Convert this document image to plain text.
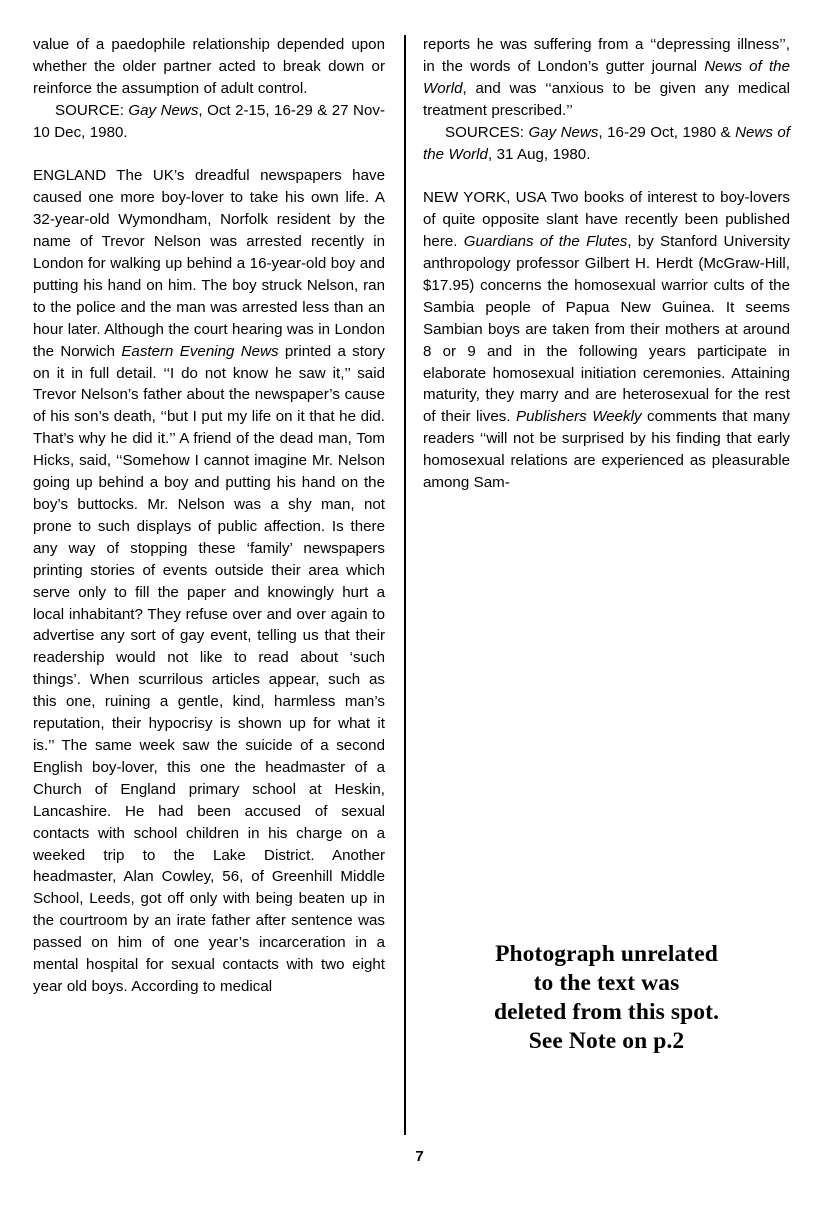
value of a paedophile relationship depended upon whether the older partner acted to break down or reinforce the assumption of adult control.

SOURCE: Gay News, Oct 2-15, 16-29 & 27 Nov-10 Dec, 1980.

ENGLAND The UK’s dreadful newspapers have caused one more boy-lover to take his own life. A 32-year-old Wymondham, Norfolk resident by the name of Trevor Nelson was arrested recently in London for walking up behind a 16-year-old boy and putting his hand on him. The boy struck Nelson, ran to the police and the man was arrested less than an hour later. Although the court hearing was in London the Norwich Eastern Evening News printed a story on it in full detail. ‘‘I do not know he saw it,’’ said Trevor Nelson’s father about the newspaper’s cause of his son’s death, ‘‘but I put my life on it that he did. That’s why he did it.’’ A friend of the dead man, Tom Hicks, said, ‘‘Somehow I cannot imagine Mr. Nelson going up behind a boy and putting his hand on the boy’s buttocks. Mr. Nelson was a shy man, not prone to such displays of public affection. Is there any way of stopping these ‘family’ newspapers printing stories of events outside their area which serve only to fill the paper and knowingly hurt a local inhabitant? They refuse over and over again to advertise any sort of gay event, telling us that their readership would not like to read about ‘such things’. When scurrilous articles appear, such as this one, ruining a gentle, kind, harmless man’s reputation, their hypocrisy is shown up for what it is.’’ The same week saw the suicide of a second English boy-lover, this one the headmaster of a Church of England primary school at Heskin, Lancashire. He had been accused of sexual contacts with school children in his charge on a weeked trip to the Lake District. Another headmaster, Alan Cowley, 56, of Greenhill Middle School, Leeds, got off only with being beaten up in the courtroom by an irate father after sentence was passed on him of one year’s incarceration in a mental hospital for sexual contacts with two eight year old boys. According to medical

reports he was suffering from a ‘‘depressing illness’’, in the words of London’s gutter journal News of the World, and was ‘‘anxious to be given any medical treatment prescribed.’’

SOURCES: Gay News, 16-29 Oct, 1980 & News of the World, 31 Aug, 1980.

NEW YORK, USA Two books of interest to boy-lovers of quite opposite slant have recently been published here. Guardians of the Flutes, by Stanford University anthropology professor Gilbert H. Herdt (McGraw-Hill, $17.95) concerns the homosexual warrior cults of the Sambia people of Papua New Guinea. It seems Sambian boys are taken from their mothers at around 8 or 9 and in the following years participate in elaborate homosexual initiation ceremonies. Attaining maturity, they marry and are heterosexual for the rest of their lives. Publishers Weekly comments that many readers ‘‘will not be surprised by his finding that early homosexual relations are experienced as pleasurable among Sam-

Photograph unrelated
to the text was
deleted from this spot.
See Note on p.2
7
